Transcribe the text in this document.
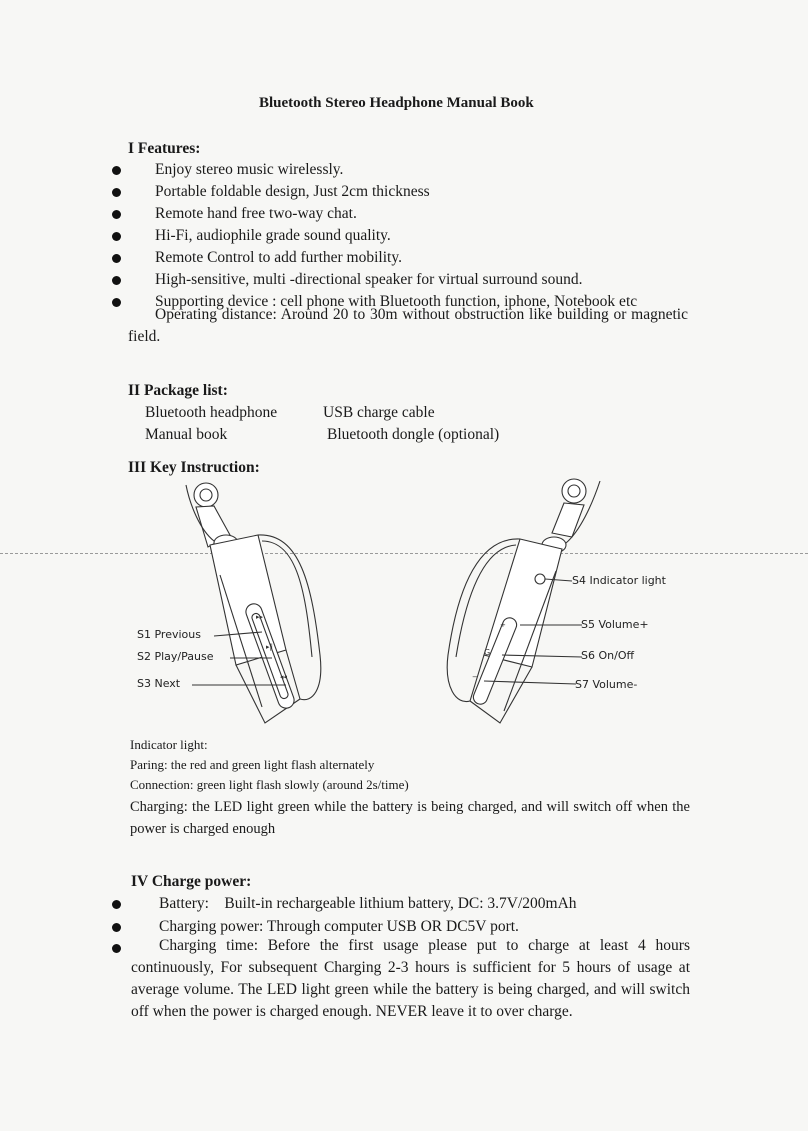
Bluetooth Stereo Headphone Manual Book
I Features:
Enjoy stereo music wirelessly.
Portable foldable design, Just 2cm thickness
Remote hand free two-way chat.
Hi-Fi, audiophile grade sound quality.
Remote Control to add further mobility.
High-sensitive, multi -directional speaker for virtual surround sound.
Supporting device : cell phone with Bluetooth function, iphone, Notebook etc
Operating distance: Around 20 to 30m without obstruction like building or magnetic field.
II Package list:
Bluetooth headphone	USB charge cable
Manual book	Bluetooth dongle (optional)
III Key Instruction:
▸▸
▸‖
◂◂
+
G
−
S1 Previous
S2 Play/Pause
S3 Next
S4 Indicator light
S5 Volume+
S6 On/Off
S7 Volume-
Indicator light:
Paring: the red and green light flash alternately
Connection: green light flash slowly (around 2s/time)
Charging: the LED light green while the battery is being charged, and will switch off when the power is charged enough
IV Charge power:
Battery:    Built-in rechargeable lithium battery, DC: 3.7V/200mAh
Charging power: Through computer USB OR DC5V port.
Charging time: Before the first usage please put to charge at least 4 hours continuously, For subsequent Charging 2-3 hours is sufficient for 5 hours of usage at average volume. The LED light green while the battery is being charged, and will switch off when the power is charged enough. NEVER leave it to over charge.
